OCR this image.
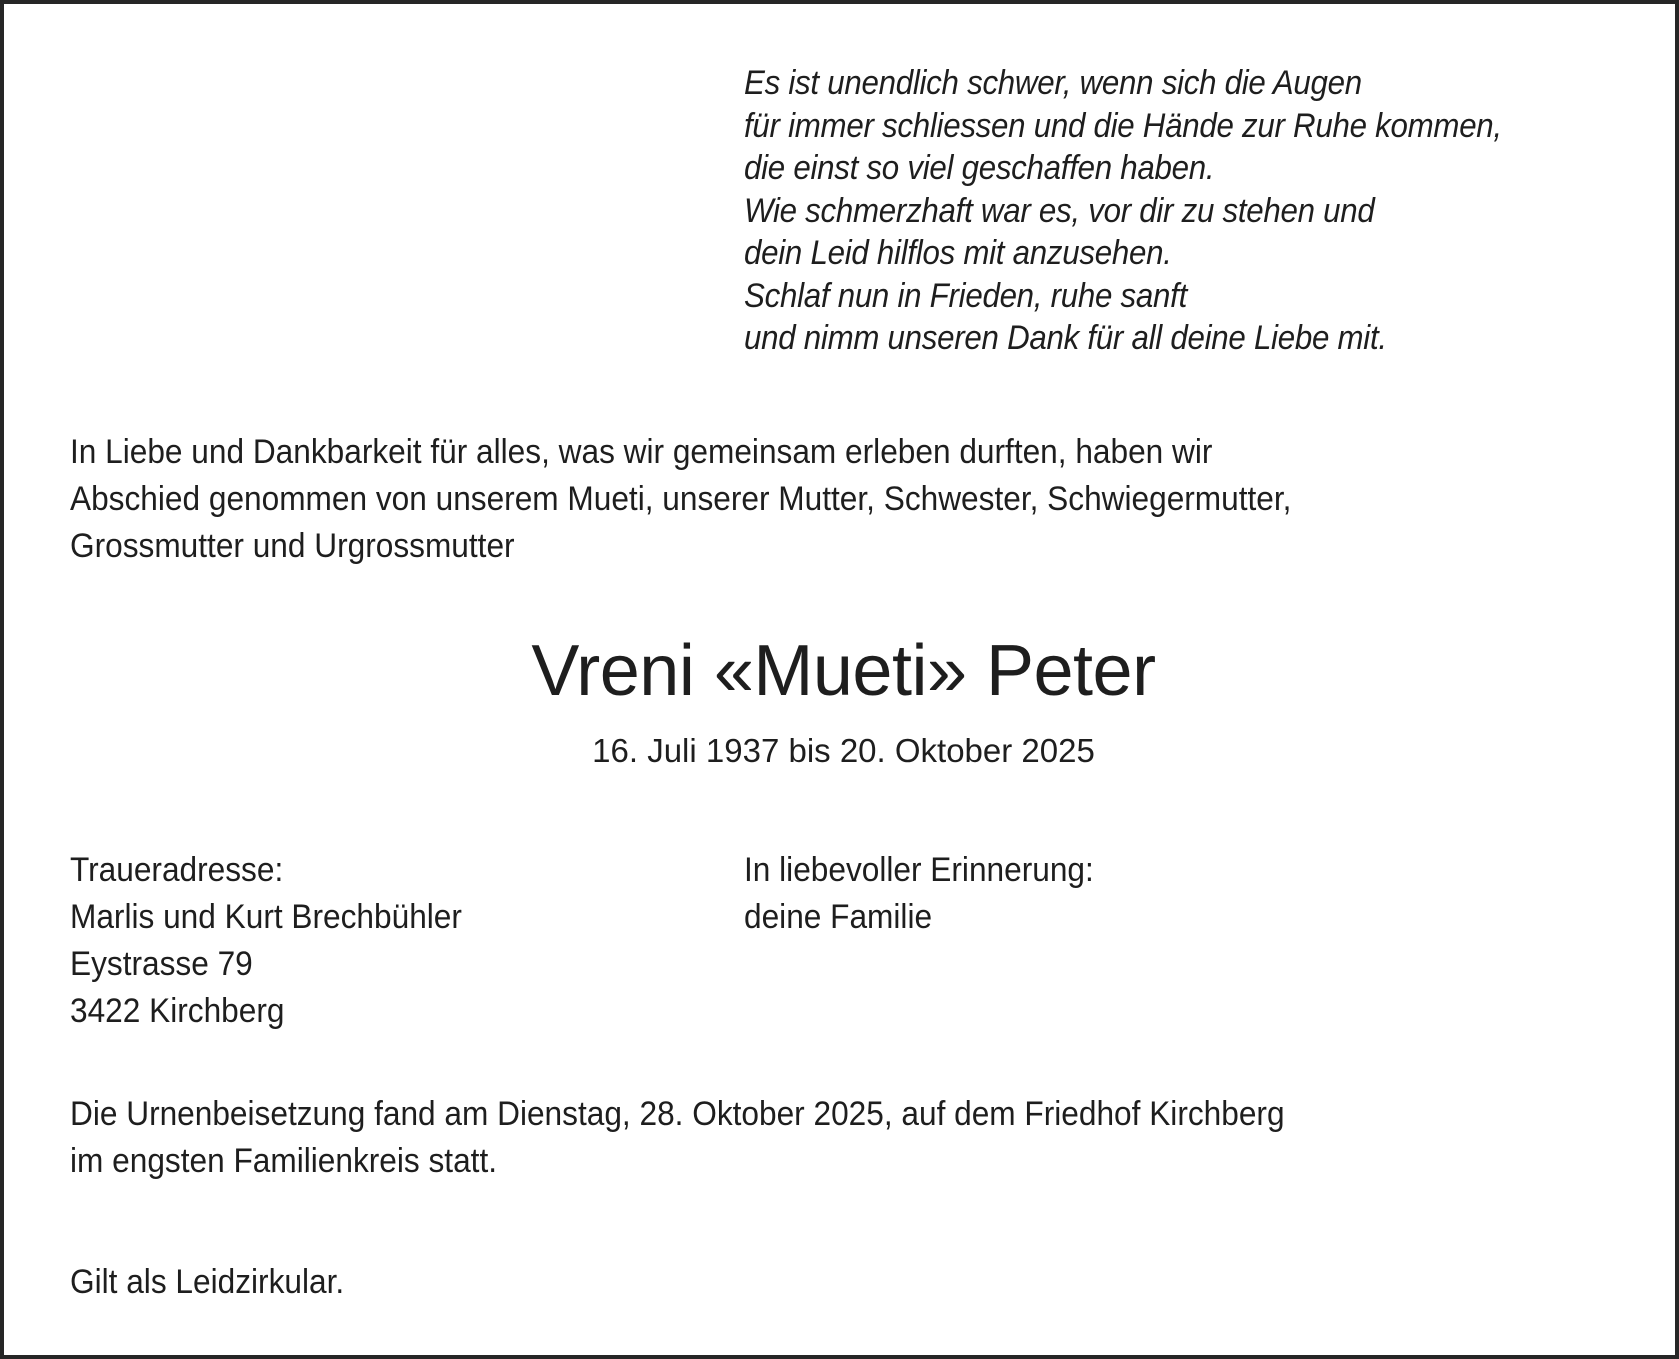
Es ist unendlich schwer, wenn sich die Augen
für immer schliessen und die Hände zur Ruhe kommen,
die einst so viel geschaffen haben.
Wie schmerzhaft war es, vor dir zu stehen und
dein Leid hilflos mit anzusehen.
Schlaf nun in Frieden, ruhe sanft
und nimm unseren Dank für all deine Liebe mit.
In Liebe und Dankbarkeit für alles, was wir gemeinsam erleben durften, haben wir
Abschied genommen von unserem Mueti, unserer Mutter, Schwester, Schwiegermutter,
Grossmutter und Urgrossmutter
Vreni «Mueti» Peter
16. Juli 1937 bis 20. Oktober 2025
Traueradresse:
Marlis und Kurt Brechbühler
Eystrasse 79
3422 Kirchberg
In liebevoller Erinnerung:
deine Familie
Die Urnenbeisetzung fand am Dienstag, 28. Oktober 2025, auf dem Friedhof Kirchberg
im engsten Familienkreis statt.
Gilt als Leidzirkular.
